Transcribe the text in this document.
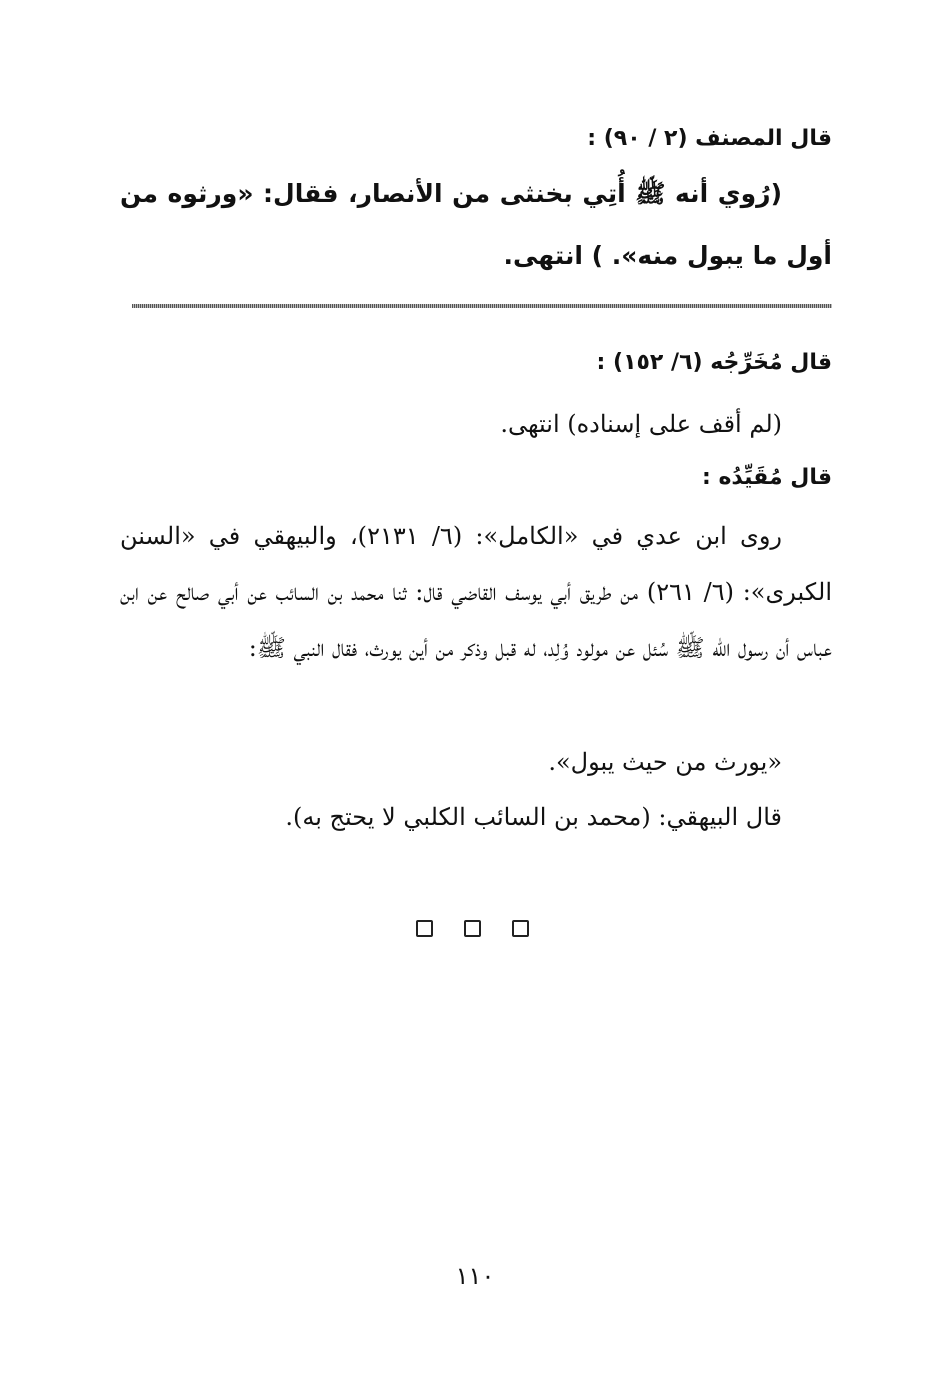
قال المصنف (٢ / ٩٠) :
(رُوي أنه ﷺ أُتِي بخنثى من الأنصار، فقال: «ورثوه من أول ما يبول منه». ) انتهى.
قال مُخَرِّجُه (٦/ ١٥٢) :
(لم أقف على إسناده) انتهى.
قال مُقَيِّدُه :
روى ابن عدي في «الكامل»: (٦/ ٢١٣١)، والبيهقي في «السنن الكبرى»: (٦/ ٢٦١) من طريق أبي يوسف القاضي قال: ثنا محمد بن السائب عن أبي صالح عن ابن عباس أن رسول الله ﷺ سُئل عن مولود وُلِد، له قبل وذكر من أين يورث، فقال النبي ﷺ:
«يورث من حيث يبول».
قال البيهقي: (محمد بن السائب الكلبي لا يحتج به).
١١٠
